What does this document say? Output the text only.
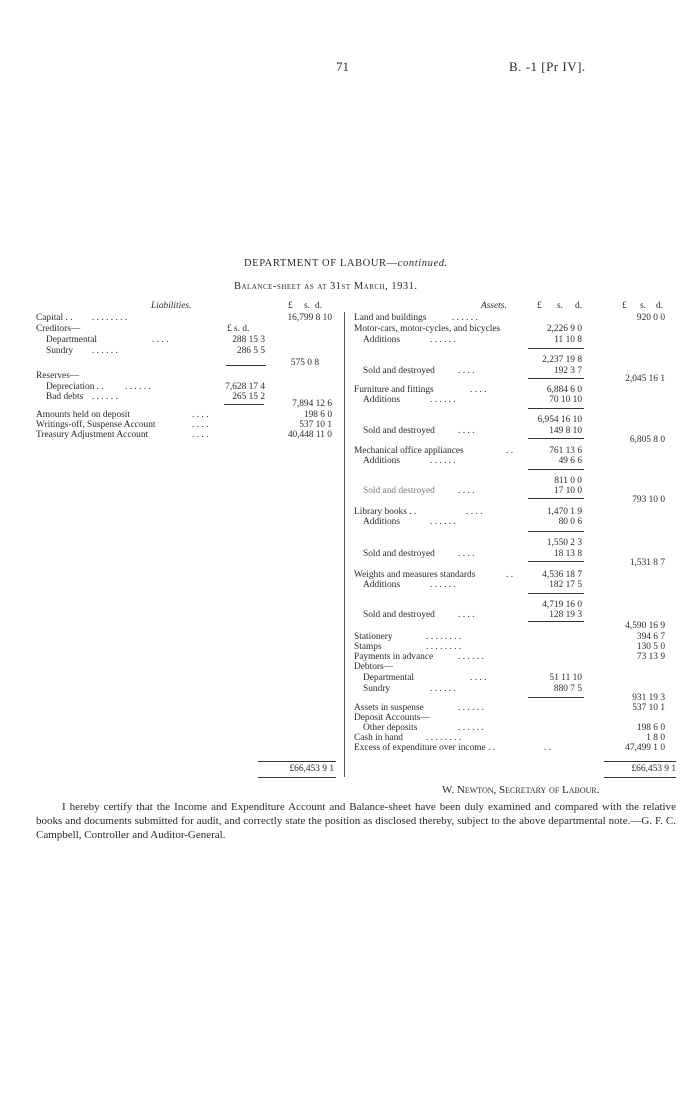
71	B. -1 [Pr IV].
DEPARTMENT OF LABOUR—continued.
Balance-sheet as at 31st March, 1931.
Liabilities.	£ s. d.
Capital . . . . . . . . . .	16,799 8 10
Creditors—	£ s. d.
Departmental	. . . .	288 15 3
Sundry . . . . . .	286 5 5
575 0 8
Reserves—
Depreciation . . . . . . . .	7,628 17 4
Bad debts . . . . . .	265 15 2
7,894 12 6
Amounts held on deposit	. . . .	198 6 0
Writings-off, Suspense Account	. . . .	537 10 1
Treasury Adjustment Account	. . . .	40,448 11 0
£66,453 9 1
Assets.	£ s. d.	£ s. d.
Land and buildings	. . . . . .	920 0 0
Motor-cars, motor-cycles, and bicycles	2,226 9 0
Additions	. . . . . .	11 10 8
2,237 19 8
Sold and destroyed . . . .	192 3 7
2,045 16 1
Furniture and fittings	. . . .	6,884 6 0
Additions	. . . . . .	70 10 10
6,954 16 10
Sold and destroyed . . . .	149 8 10
6,805 8 0
Mechanical office appliances	. .	761 13 6
Additions	. . . . . .	49 6 6
811 0 0
Sold and destroyed . . . .	17 10 0
793 10 0
Library books . .	. . . .	1,470 1 9
Additions	. . . . . .	80 0 6
1,550 2 3
Sold and destroyed . . . .	18 13 8
1,531 8 7
Weights and measures standards	. .	4,536 18 7
Additions	. . . . . .	182 17 5
4,719 16 0
Sold and destroyed . . . .	128 19 3
4,590 16 9
Stationery	. . . . . . . .	394 6 7
Stamps	. . . . . . . .	130 5 0
Payments in advance	. . . . . .	73 13 9
Debtors—
Departmental	. . . .	51 11 10
Sundry	. . . . . .	880 7 5
931 19 3
Assets in suspense	. . . . . .	537 10 1
Deposit Accounts—
Other deposits	. . . . . .	198 6 0
Cash in hand . . . . . . . .	1 8 0
Excess of expenditure over income . .	. .	47,499 1 0
£66,453 9 1
W. Newton, Secretary of Labour.
I hereby certify that the Income and Expenditure Account and Balance-sheet have been duly examined and compared with the relative books and documents submitted for audit, and correctly state the position as disclosed thereby, subject to the above departmental note.—G. F. C. Campbell, Controller and Auditor-General.
